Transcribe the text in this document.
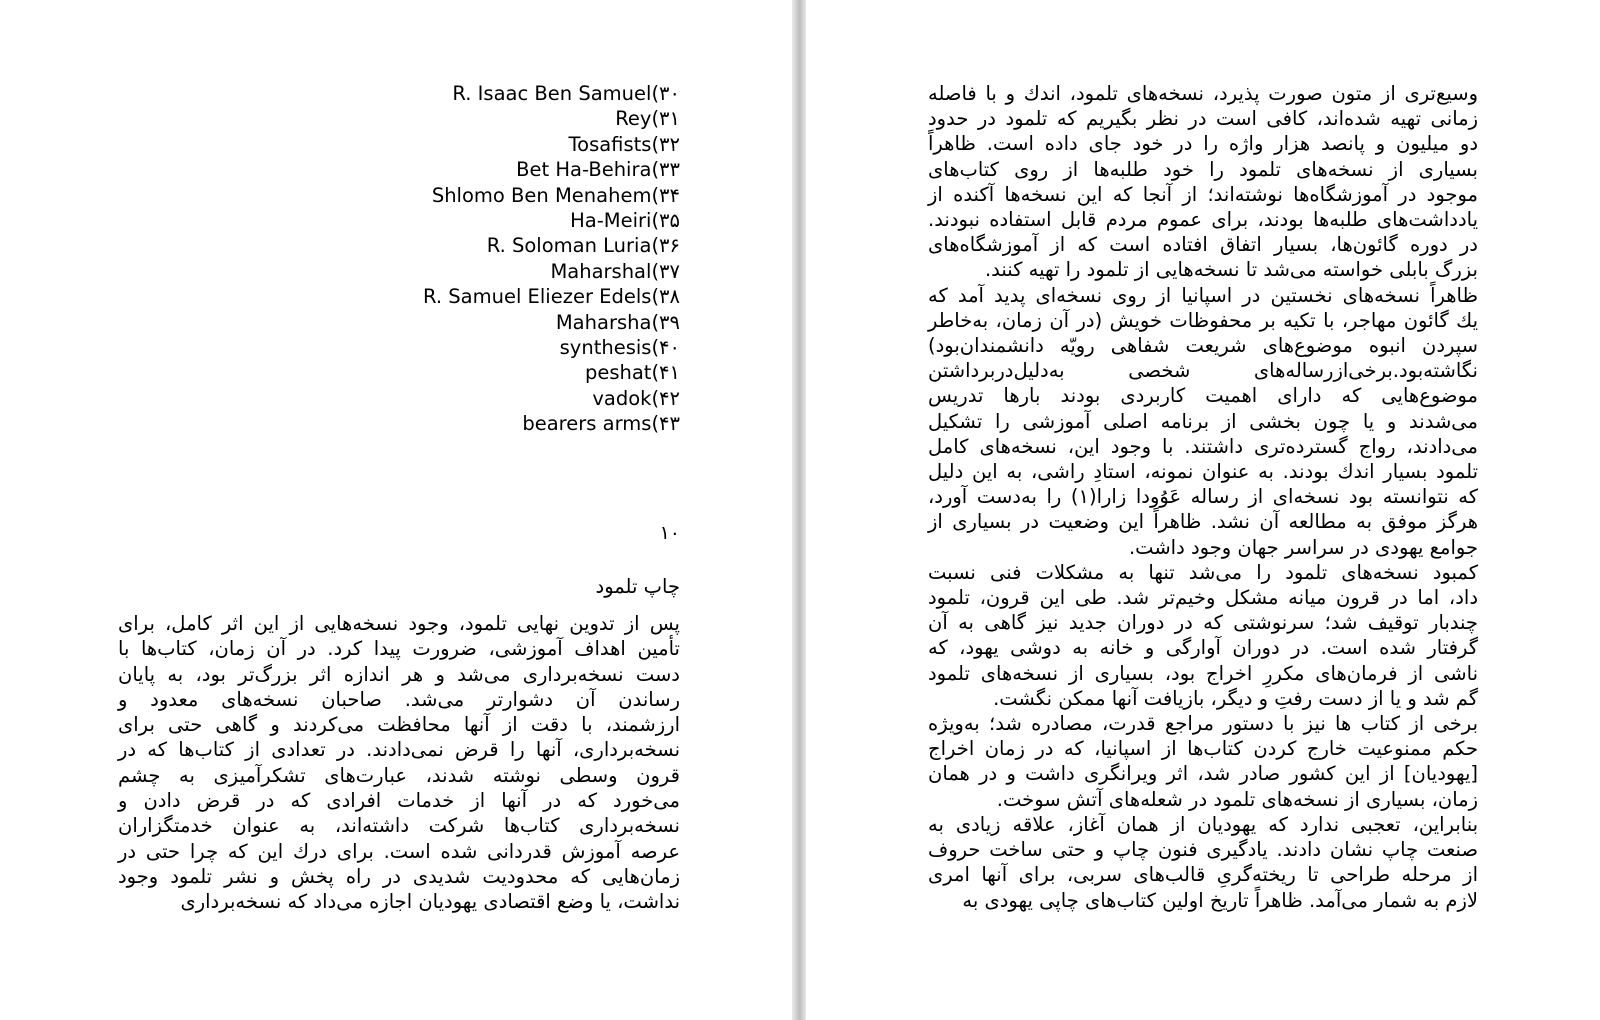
۳۰)R. Isaac Ben Samuel
۳۱)Rey
۳۲)Tosafists
۳۳)Bet Ha-Behira
۳۴)Shlomo Ben Menahem
۳۵)Ha-Meiri
۳۶)R. Soloman Luria
۳۷)Maharshal
۳۸)R. Samuel Eliezer Edels
۳۹)Maharsha
۴۰)synthesis
۴۱)peshat
۴۲)vadok
۴۳)bearers arms
۱۰
چاپ تلمود
پس از تدوین نهایی تلمود، وجود نسخه‌هایی از این اثر کامل، برای
تأمین اهداف آموزشی، ضرورت پیدا کرد. در آن زمان، کتاب‌ها با
دست نسخه‌برداری می‌شد و هر اندازه اثر بزرگ‌تر بود، به پایان
رساندن آن دشوارتر می‌شد. صاحبان نسخه‌های معدود و
ارزشمند، با دقت از آنها محافظت می‌کردند و گاهی حتی برای
نسخه‌برداری، آنها را قرض نمی‌دادند. در تعدادی از کتاب‌ها که در
قرون وسطی نوشته شدند، عبارت‌های تشکرآمیزی به چشم
می‌خورد که در آنها از خدمات افرادی که در قرض دادن و
نسخه‌برداری کتاب‌ها شرکت داشته‌اند، به عنوان خدمتگزاران
عرصه آموزش قدردانی شده است. برای درك این که چرا حتی در
زمان‌هایی که محدودیت شدیدی در راه پخش و نشر تلمود وجود
نداشت، یا وضع اقتصادی یهودیان اجازه می‌داد که نسخه‌برداری
وسیع‌تری از متون صورت پذیرد، نسخه‌های تلمود، اندك و با فاصله
زمانی تهیه شده‌اند، کافی است در نظر بگیریم که تلمود در حدود
دو میلیون و پانصد هزار واژه را در خود جای داده است. ظاهراً
بسیاری از نسخه‌های تلمود را خود طلبه‌ها از روی کتاب‌های
موجود در آموزشگاه‌ها نوشته‌اند؛ از آنجا که این نسخه‌ها آکنده از
یادداشت‌های طلبه‌ها بودند، برای عموم مردم قابل استفاده نبودند.
در دوره گائون‌ها، بسیار اتفاق افتاده است که از آموزشگاه‌های
بزرگ بابلی خواسته می‌شد تا نسخه‌هایی از تلمود را تهیه کنند.
ظاهراً نسخه‌های نخستین در اسپانیا از روی نسخه‌ای پدید آمد که
یك گائون مهاجر، با تکیه بر محفوظات خویش (در آن زمان، به‌خاطر
سپردن انبوه موضوع‌های شریعت شفاهی رویّه دانشمندان‌بود)
نگاشته‌بود.برخی‌ازرساله‌های شخصی به‌دلیل‌دربرداشتن
موضوع‌هایی که دارای اهمیت کاربردی بودند بارها تدریس
می‌شدند و یا چون بخشی از برنامه اصلی آموزشی را تشکیل
می‌دادند، رواج گسترده‌تری داشتند. با وجود این، نسخه‌های کامل
تلمود بسیار اندك بودند. به عنوان نمونه، استادِ راشی، به این دلیل
که نتوانسته بود نسخه‌ای از رساله عَوُودا زارا(۱) را به‌دست آورد،
هرگز موفق به مطالعه آن نشد. ظاهراً این وضعیت در بسیاری از
جوامع یهودی در سراسر جهان وجود داشت.
کمبود نسخه‌های تلمود را می‌شد تنها به مشکلات فنی نسبت
داد، اما در قرون میانه مشکل وخیم‌تر شد. طی این قرون، تلمود
چندبار توقیف شد؛ سرنوشتی که در دوران جدید نیز گاهی به آن
گرفتار شده است. در دوران آوارگی و خانه به دوشی یهود، که
ناشی از فرمان‌های مکررِ اخراج بود، بسیاری از نسخه‌های تلمود
گم شد و یا از دست رفتِ و دیگر، بازیافت آنها ممکن نگشت.
برخی از کتاب ها نیز با دستور مراجع قدرت، مصادره شد؛ به‌ویژه
حکم ممنوعیت خارج کردن کتاب‌ها از اسپانیا، که در زمان اخراج
[یهودیان] از این کشور صادر شد، اثر ویرانگری داشت و در همان
زمان، بسیاری از نسخه‌های تلمود در شعله‌های آتش سوخت.
بنابراین، تعجبی ندارد که یهودیان از همان آغاز، علاقه زیادی به
صنعت چاپ نشان دادند. یادگیری فنون چاپ و حتی ساخت حروف
از مرحله طراحی تا ریخته‌گریِ قالب‌های سربی، برای آنها امری
لازم به شمار می‌آمد. ظاهراً تاریخ اولین کتاب‌های چاپی یهودی به
